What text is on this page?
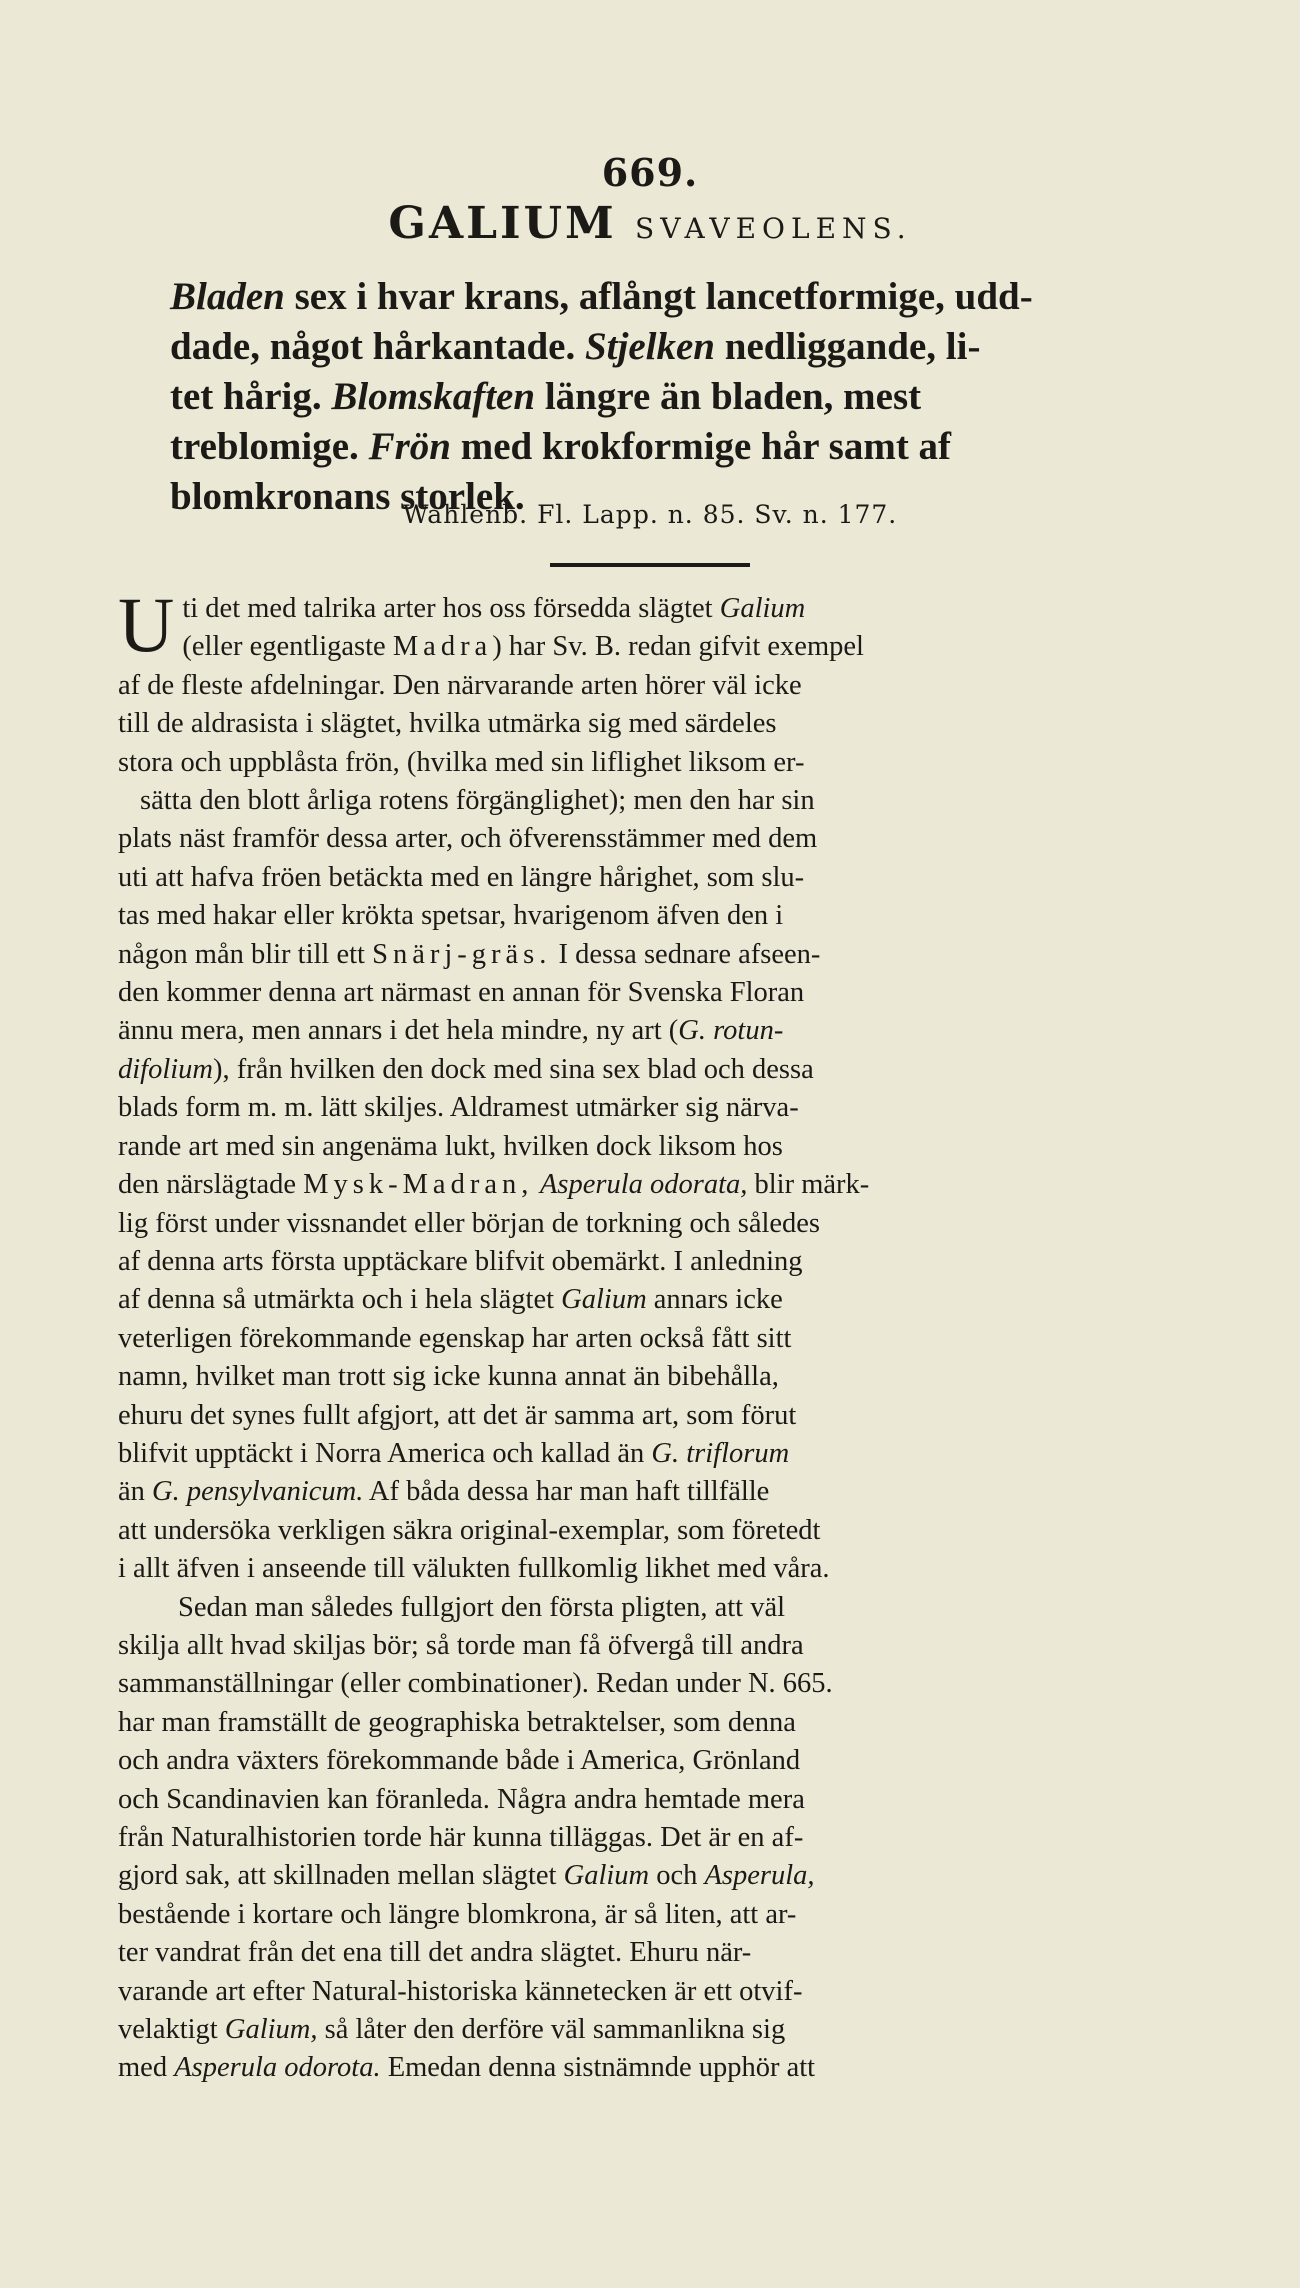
669.
GALIUM SVAVEOLENS.

Bladen sex i hvar krans, aflångt lancetformige, udd-

dade, något hårkantade. Stjelken nedliggande, li-

tet hårig. Blomskaften längre än bladen, mest

treblomige. Frön med krokformige hår samt af

blomkronans storlek.

Wahlenb. Fl. Lapp. n. 85. Sv. n. 177.
U ti det med talrika arter hos oss försedda slägtet Galium

(eller egentligaste Madra) har Sv. B. redan gifvit exempel

af de fleste afdelningar. Den närvarande arten hörer väl icke

till de aldrasista i slägtet, hvilka utmärka sig med särdeles

stora och uppblåsta frön, (hvilka med sin liflighet liksom er-

sätta den blott årliga rotens förgänglighet); men den har sin

plats näst framför dessa arter, och öfverensstämmer med dem

uti att hafva fröen betäckta med en längre hårighet, som slu-

tas med hakar eller krökta spetsar, hvarigenom äfven den i

någon mån blir till ett Snärj-gräs. I dessa sednare afseen-

den kommer denna art närmast en annan för Svenska Floran

ännu mera, men annars i det hela mindre, ny art (G. rotun-

difolium), från hvilken den dock med sina sex blad och dessa

blads form m. m. lätt skiljes. Aldramest utmärker sig närva-

rande art med sin angenäma lukt, hvilken dock liksom hos

den närslägtade Mysk-Madran, Asperula odorata, blir märk-

lig först under vissnandet eller början de torkning och således

af denna arts första upptäckare blifvit obemärkt. I anledning

af denna så utmärkta och i hela slägtet Galium annars icke

veterligen förekommande egenskap har arten också fått sitt

namn, hvilket man trott sig icke kunna annat än bibehålla,

ehuru det synes fullt afgjort, att det är samma art, som förut

blifvit upptäckt i Norra America och kallad än G. triflorum

än G. pensylvanicum. Af båda dessa har man haft tillfälle

att undersöka verkligen säkra original-exemplar, som företedt

i allt äfven i anseende till välukten fullkomlig likhet med våra.

Sedan man således fullgjort den första pligten, att väl

skilja allt hvad skiljas bör; så torde man få öfvergå till andra

sammanställningar (eller combinationer). Redan under N. 665.

har man framställt de geographiska betraktelser, som denna

och andra växters förekommande både i America, Grönland

och Scandinavien kan föranleda. Några andra hemtade mera

från Naturalhistorien torde här kunna tilläggas. Det är en af-

gjord sak, att skillnaden mellan slägtet Galium och Asperula,

bestående i kortare och längre blomkrona, är så liten, att ar-

ter vandrat från det ena till det andra slägtet. Ehuru när-

varande art efter Natural-historiska kännetecken är ett otvif-

velaktigt Galium, så låter den derföre väl sammanlikna sig

med Asperula odorota. Emedan denna sistnämnde upphör att
